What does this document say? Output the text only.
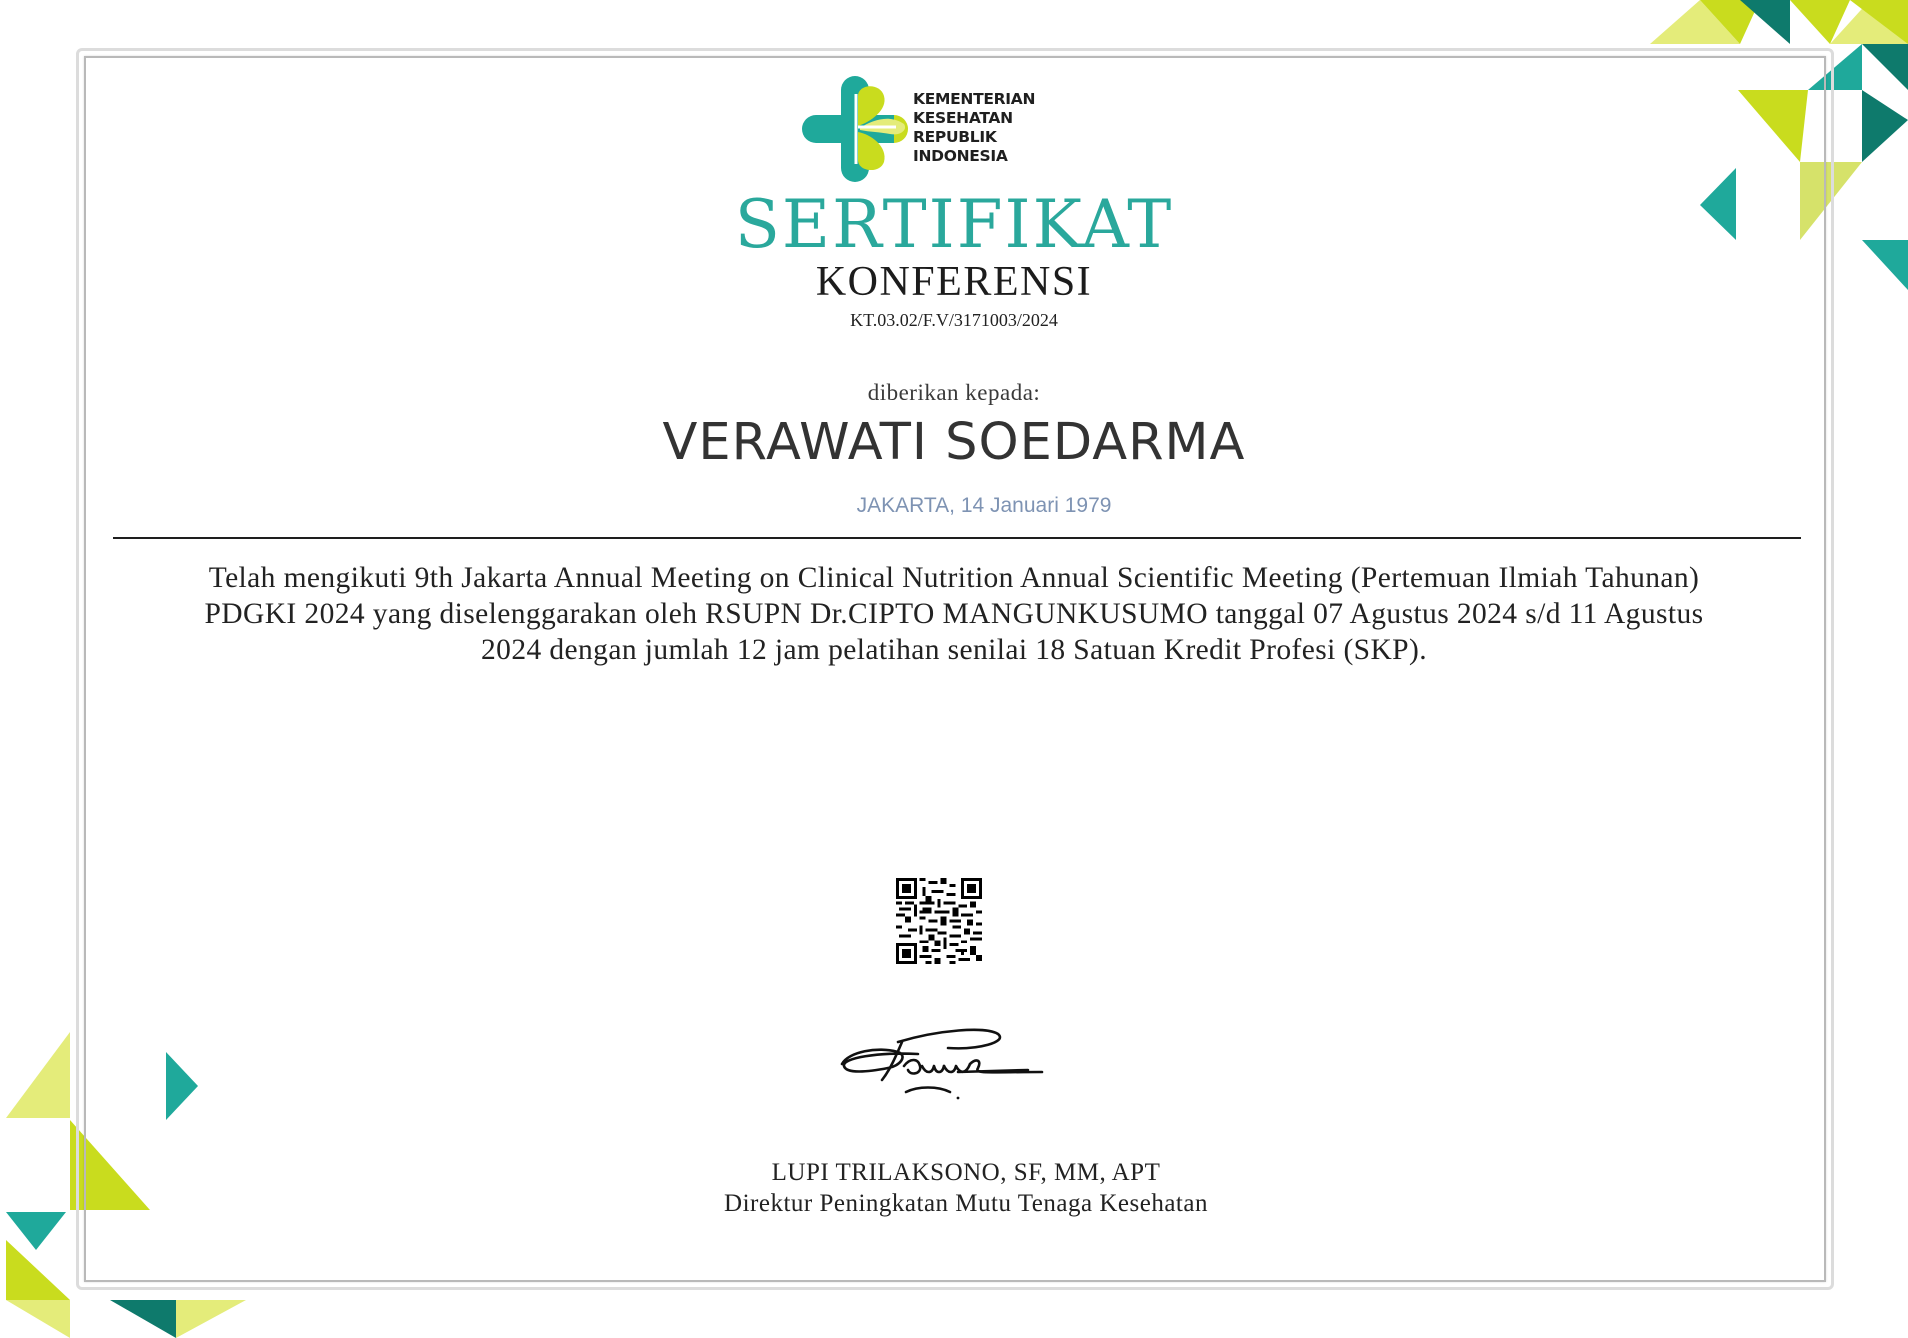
KEMENTERIAN
KESEHATAN
REPUBLIK
INDONESIA
SERTIFIKAT
KONFERENSI
KT.03.02/F.V/3171003/2024
diberikan kepada:
VERAWATI SOEDARMA
JAKARTA, 14 Januari 1979
Telah mengikuti 9th Jakarta Annual Meeting on Clinical Nutrition Annual Scientific Meeting (Pertemuan Ilmiah Tahunan) PDGKI 2024 yang diselenggarakan oleh RSUPN Dr.CIPTO MANGUNKUSUMO tanggal 07 Agustus 2024 s/d 11 Agustus 2024 dengan jumlah 12 jam pelatihan senilai 18 Satuan Kredit Profesi (SKP).
LUPI TRILAKSONO, SF, MM, APT
Direktur Peningkatan Mutu Tenaga Kesehatan
